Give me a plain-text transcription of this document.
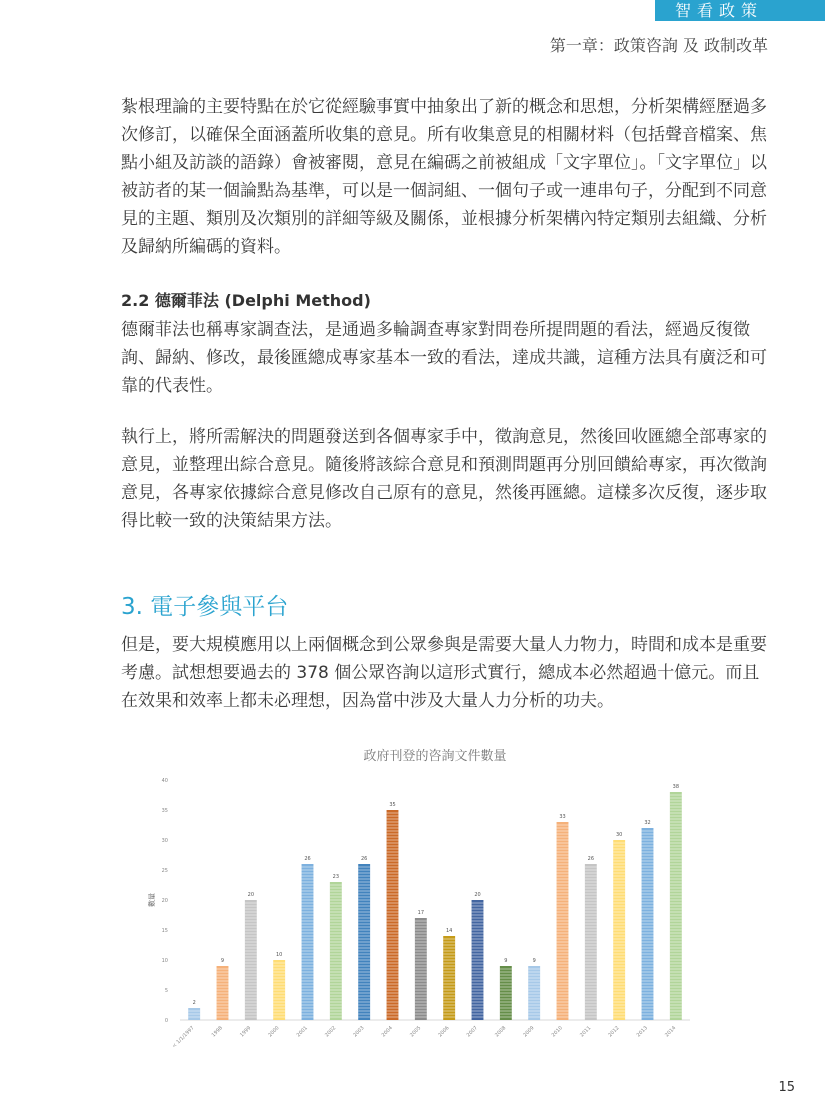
智看政策
第一章：政策咨詢 及 政制改革

紮根理論的主要特點在於它從經驗事實中抽象出了新的概念和思想，分析架構經歷過多次修訂，以確保全面涵蓋所收集的意見。所有收集意見的相關材料（包括聲音檔案、焦點小組及訪談的語錄）會被審閱，意見在編碼之前被組成「文字單位」。「文字單位」以被訪者的某一個論點為基準，可以是一個詞組、一個句子或一連串句子，分配到不同意見的主題、類別及次類別的詳細等級及關係，並根據分析架構內特定類別去組織、分析及歸納所編碼的資料。

2.2 德爾菲法 (Delphi Method)

德爾菲法也稱專家調查法，是通過多輪調查專家對問卷所提問題的看法，經過反復徵詢、歸納、修改，最後匯總成專家基本一致的看法，達成共識，這種方法具有廣泛和可靠的代表性。

執行上，將所需解決的問題發送到各個專家手中，徵詢意見，然後回收匯總全部專家的意見，並整理出綜合意見。隨後將該綜合意見和預測問題再分別回饋給專家，再次徵詢意見，各專家依據綜合意見修改自己原有的意見，然後再匯總。這樣多次反復，逐步取得比較一致的決策結果方法。

3. 電子參與平台

但是，要大規模應用以上兩個概念到公眾參與是需要大量人力物力，時間和成本是重要考慮。試想想要過去的 378 個公眾咨詢以這形式實行，總成本必然超過十億元。而且在效果和效率上都未必理想，因為當中涉及大量人力分析的功夫。

政府刊登的咨詢文件數量
數量
0
5
10
15
20
25
30
35
40
2
< 1/1/1997
9
1998
20
1999
10
2000
26
2001
23
2002
26
2003
35
2004
17
2005
14
2006
20
2007
9
2008
9
2009
33
2010
26
2011
30
2012
32
2013
38
2014
15
